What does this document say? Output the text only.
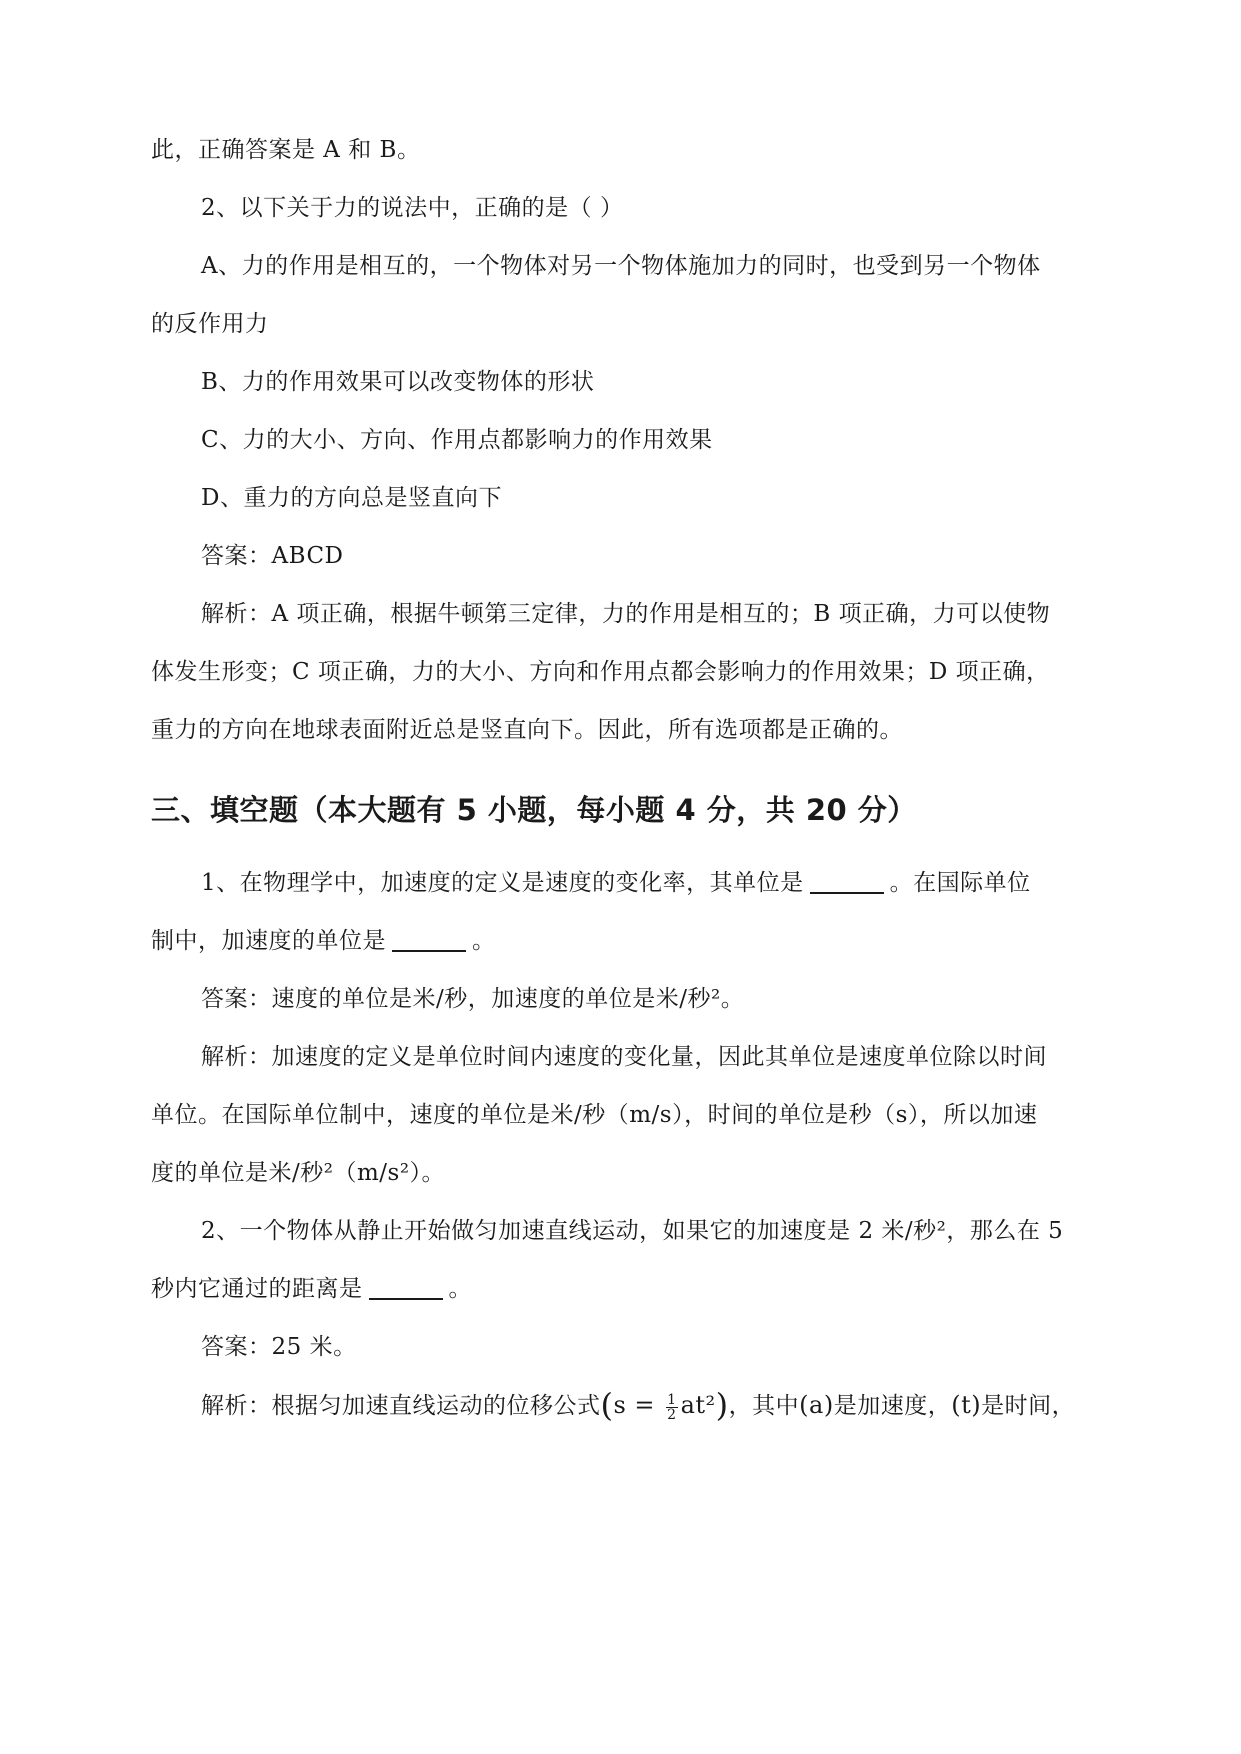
此，正确答案是 A 和 B。
2、以下关于力的说法中，正确的是（ ）
A、力的作用是相互的，一个物体对另一个物体施加力的同时，也受到另一个物体
的反作用力
B、力的作用效果可以改变物体的形状
C、力的大小、方向、作用点都影响力的作用效果
D、重力的方向总是竖直向下
答案：ABCD
解析：A 项正确，根据牛顿第三定律，力的作用是相互的；B 项正确，力可以使物
体发生形变；C 项正确，力的大小、方向和作用点都会影响力的作用效果；D 项正确，
重力的方向在地球表面附近总是竖直向下。因此，所有选项都是正确的。
三、填空题（本大题有 5 小题，每小题 4 分，共 20 分）
1、在物理学中，加速度的定义是速度的变化率，其单位是	。在国际单位
制中，加速度的单位是	。
答案：速度的单位是米/秒，加速度的单位是米/秒²。
解析：加速度的定义是单位时间内速度的变化量，因此其单位是速度单位除以时间
单位。在国际单位制中，速度的单位是米/秒（m/s），时间的单位是秒（s），所以加速
度的单位是米/秒²（m/s²）。
2、一个物体从静止开始做匀加速直线运动，如果它的加速度是 2 米/秒²，那么在 5
秒内它通过的距离是	。
答案：25 米。
解析：根据匀加速直线运动的位移公式$(s = \frac{1}{2} at^2)$，其中(a)是加速度，(t)是时间，
